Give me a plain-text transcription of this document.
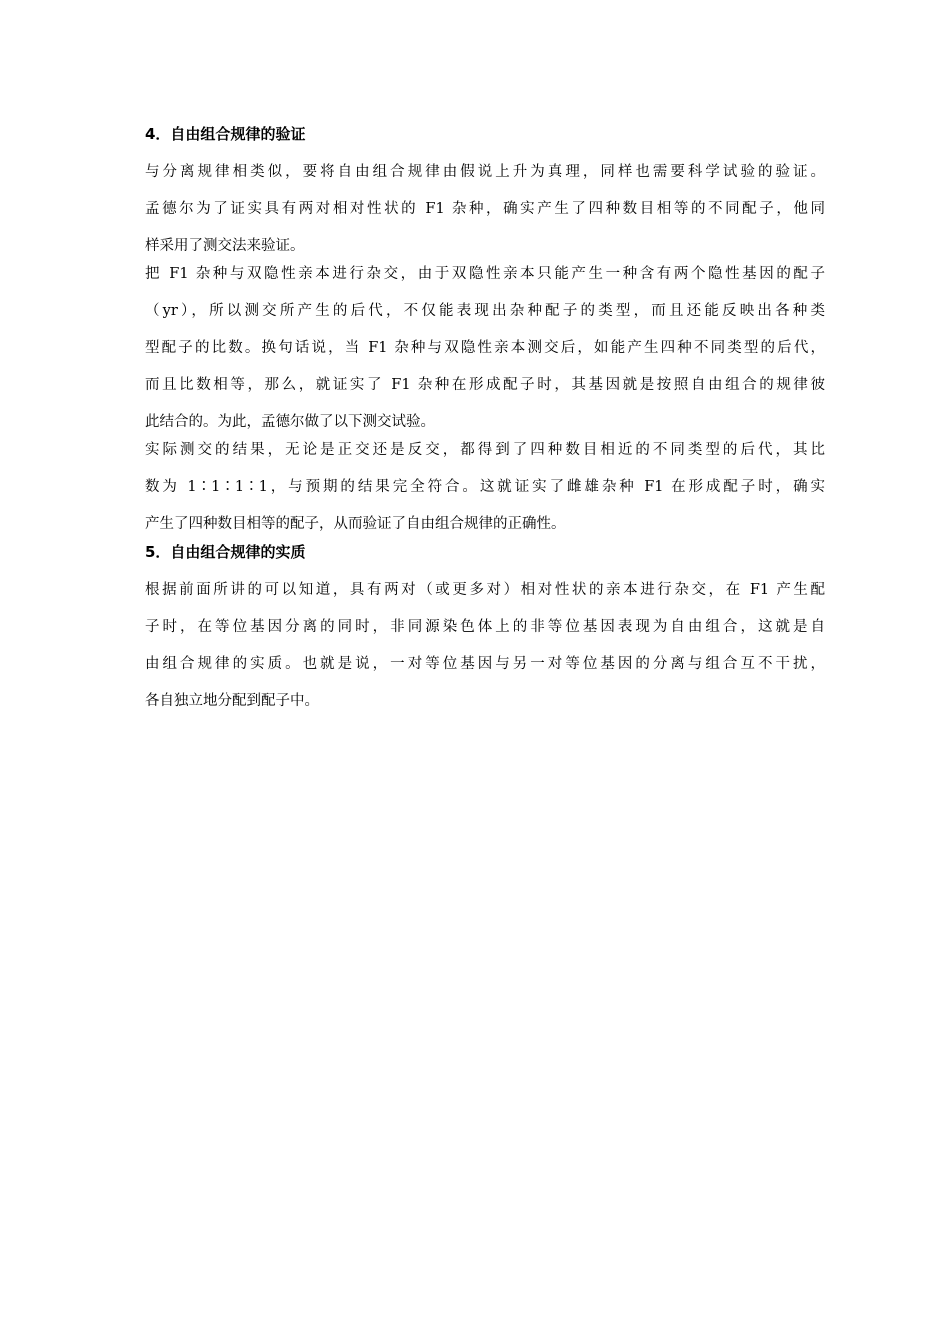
4．自由组合规律的验证
与分离规律相类似，要将自由组合规律由假说上升为真理，同样也需要科学试验的验证。
孟德尔为了证实具有两对相对性状的 F1 杂种，确实产生了四种数目相等的不同配子，他同
样采用了测交法来验证。
把 F1 杂种与双隐性亲本进行杂交，由于双隐性亲本只能产生一种含有两个隐性基因的配子
（yr），所以测交所产生的后代，不仅能表现出杂种配子的类型，而且还能反映出各种类
型配子的比数。换句话说，当 F1 杂种与双隐性亲本测交后，如能产生四种不同类型的后代，
而且比数相等，那么，就证实了 F1 杂种在形成配子时，其基因就是按照自由组合的规律彼
此结合的。为此，孟德尔做了以下测交试验。
实际测交的结果，无论是正交还是反交，都得到了四种数目相近的不同类型的后代，其比
数为 1∶1∶1∶1，与预期的结果完全符合。这就证实了雌雄杂种 F1 在形成配子时，确实
产生了四种数目相等的配子，从而验证了自由组合规律的正确性。
5．自由组合规律的实质
根据前面所讲的可以知道，具有两对（或更多对）相对性状的亲本进行杂交，在 F1 产生配
子时，在等位基因分离的同时，非同源染色体上的非等位基因表现为自由组合，这就是自
由组合规律的实质。也就是说，一对等位基因与另一对等位基因的分离与组合互不干扰，
各自独立地分配到配子中。
